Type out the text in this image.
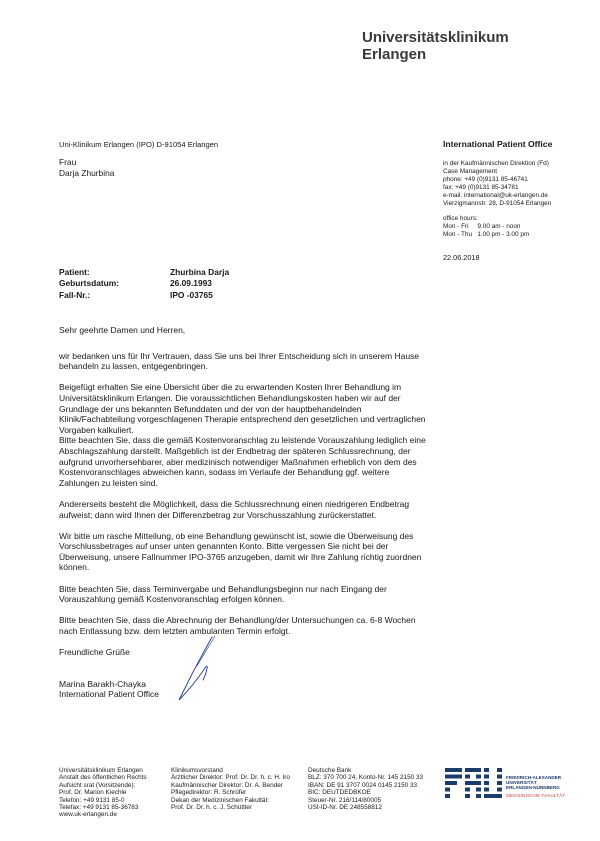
Universitätsklinikum
Erlangen
Uni-Klinikum Erlangen (IPO) D-91054 Erlangen
Frau
Darja Zhurbina
International Patient Office
in der Kaufmännischen Direktion (Fd)
Case Management
phone: +49 (0)9131 85-46741
fax: +49 (0)9131 85-34781
e-mail: international@uk-erlangen.de
Vierzigmannstr. 28, D-91054 Erlangen
office hours:
Mon - Fri     9.00 am - noon
Mon - Thu   1.00 pm - 3.00 pm
22.06.2018
Patient:	Zhurbina Darja
Geburtsdatum:	26.09.1993
Fall-Nr.:	IPO -03765

Sehr geehrte Damen und Herren,

wir bedanken uns für Ihr Vertrauen, dass Sie uns bei Ihrer Entscheidung sich in unserem Hause behandeln zu lassen, entgegenbringen.

Beigefügt erhalten Sie eine Übersicht über die zu erwartenden Kosten Ihrer Behandlung im Universitätsklinikum Erlangen. Die voraussichtlichen Behandlungskosten haben wir auf der Grundlage der uns bekannten Befunddaten und der von der hauptbehandelnden Klinik/Fachabteilung vorgeschlagenen Therapie entsprechend den gesetzlichen und vertraglichen Vorgaben kalkuliert.
Bitte beachten Sie, dass die gemäß Kostenvoranschlag zu leistende Vorauszahlung lediglich eine Abschlagszahlung darstellt. Maßgeblich ist der Endbetrag der späteren Schlussrechnung, der aufgrund unvorhersehbarer, aber medizinisch notwendiger Maßnahmen erheblich von dem des Kostenvoranschlages abweichen kann, sodass im Verlaufe der Behandlung ggf. weitere Zahlungen zu leisten sind.

Andererseits besteht die Möglichkeit, dass die Schlussrechnung einen niedrigeren Endbetrag aufweist; dann wird Ihnen der Differenzbetrag zur Vorschusszahlung zurückerstattet.

Wir bitte um rasche Mitteilung, ob eine Behandlung gewünscht ist, sowie die Überweisung des Vorschlussbetrages auf unser unten genannten Konto. Bitte vergessen Sie nicht bei der Überweisung, unsere Fallnummer IPO-3765 anzugeben, damit wir Ihre Zahlung richtig zuordnen können.

Bitte beachten Sie, dass Terminvergabe und Behandlungsbeginn nur nach Eingang der Vorauszahlung gemäß Kostenvoranschlag erfolgen können.

Bitte beachten Sie, dass die Abrechnung der Behandlung/der Untersuchungen ca. 6-8 Wochen nach Entlassung bzw. dem letzten ambulanten Termin erfolgt.

Freundliche Grüße

Marina Barakh-Chayka
International Patient Office
Universitätsklinikum Erlangen
Anstalt des öffentlichen Rechts
Aufsicht srat (Vorsitzende):
Prof. Dr. Marion Kiechle
Telefon: +49 9131 85-0
Telefax: +49 9131 85-36783
www.uk-erlangen.de
Klinikumsvorstand
Ärztlicher Direktor: Prof. Dr. Dr. h. c. H. Iro
Kaufmännischer Direktor: Dr. A. Bender
Pflegedirektor: R. Schrüfer
Dekan der Medizinischen Fakultät:
Prof. Dr. Dr. h. c. J. Schüttler
Deutsche Bank
BLZ: 370 700 24, Konto-Nr. 145 2150 33
IBAN: DE 91 3707 0024 0145 2150 33
BIC: DEUTDEDBKOE
Steuer-Nr. 216/114/80005
USt-ID-Nr. DE 248558812
FRIEDRICH-ALEXANDER
UNIVERSITÄT
ERLANGEN-NÜRNBERG
MEDIZINISCHE FAKULTÄT
